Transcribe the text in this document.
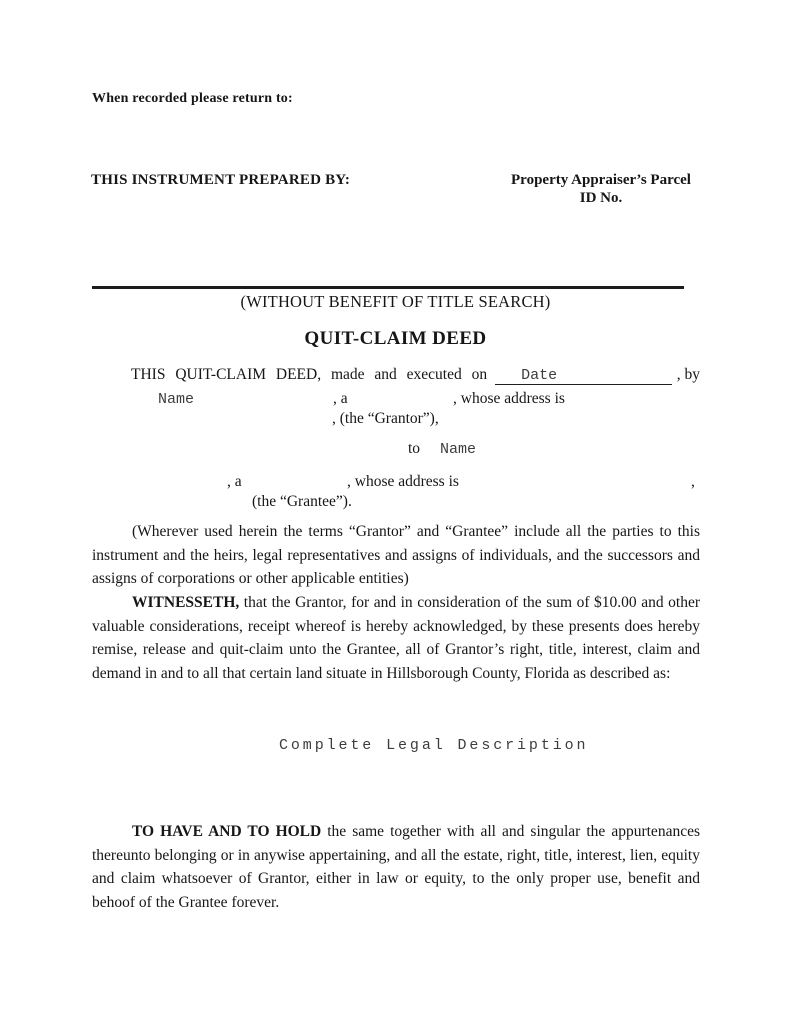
When recorded please return to:
THIS INSTRUMENT PREPARED BY:	Property Appraiser’s Parcel
ID No.
(WITHOUT BENEFIT OF TITLE SEARCH)
QUIT-CLAIM DEED
THIS QUIT-CLAIM DEED, made and executed on	Date	, by
Name	, a	, whose address is
, (the “Grantor”),
to Name
, a	, whose address is	,
(the “Grantee”).

(Wherever used herein the terms “Grantor” and “Grantee” include all the parties to this instrument and the heirs, legal representatives and assigns of individuals, and the successors and assigns of corporations or other applicable entities)

WITNESSETH, that the Grantor, for and in consideration of the sum of $10.00 and other valuable considerations, receipt whereof is hereby acknowledged, by these presents does hereby remise, release and quit-claim unto the Grantee, all of Grantor’s right, title, interest, claim and demand in and to all that certain land situate in Hillsborough County, Florida as described as:

Complete Legal Description

TO HAVE AND TO HOLD the same together with all and singular the appurtenances thereunto belonging or in anywise appertaining, and all the estate, right, title, interest, lien, equity and claim whatsoever of Grantor, either in law or equity, to the only proper use, benefit and behoof of the Grantee forever.
